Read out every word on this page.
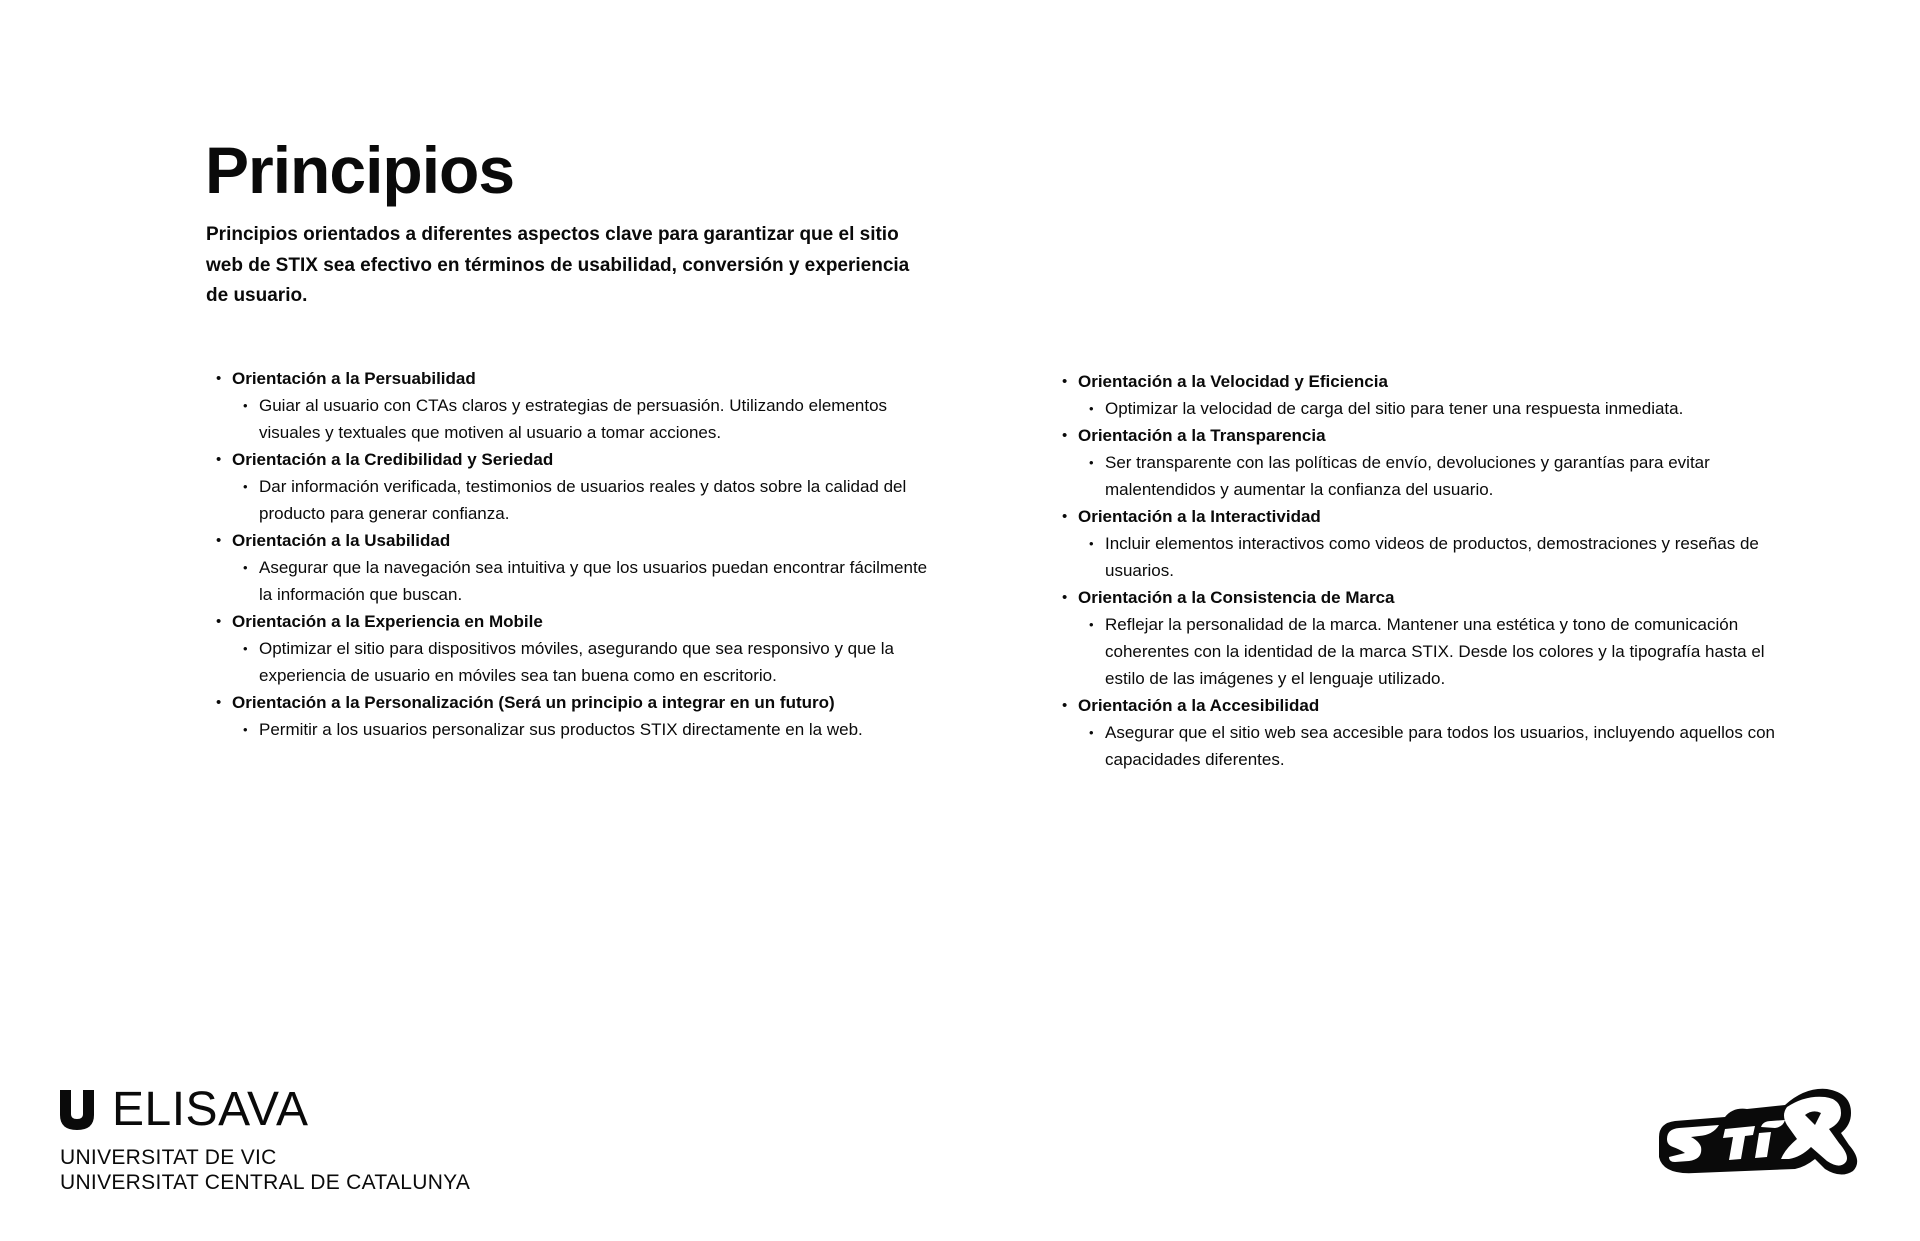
Principios

Principios orientados a diferentes aspectos clave para garantizar que el sitio web de STIX sea efectivo en términos de usabilidad, conversión y experiencia de usuario.

• Orientación a la Persuabilidad
• Guiar al usuario con CTAs claros y estrategias de persuasión. Utilizando elementos visuales y textuales que motiven al usuario a tomar acciones.
• Orientación a la Credibilidad y Seriedad
• Dar información verificada, testimonios de usuarios reales y datos sobre la calidad del producto para generar confianza.
• Orientación a la Usabilidad
• Asegurar que la navegación sea intuitiva y que los usuarios puedan encontrar fácilmente la información que buscan.
• Orientación a la Experiencia en Mobile
• Optimizar el sitio para dispositivos móviles, asegurando que sea responsivo y que la experiencia de usuario en móviles sea tan buena como en escritorio.
• Orientación a la Personalización (Será un principio a integrar en un futuro)
• Permitir a los usuarios personalizar sus productos STIX directamente en la web.
• Orientación a la Velocidad y Eficiencia
• Optimizar la velocidad de carga del sitio para tener una respuesta inmediata.
• Orientación a la Transparencia
• Ser transparente con las políticas de envío, devoluciones y garantías para evitar malentendidos y aumentar la confianza del usuario.
• Orientación a la Interactividad
• Incluir elementos interactivos como videos de productos, demostraciones y reseñas de usuarios.
• Orientación a la Consistencia de Marca
• Reflejar la personalidad de la marca. Mantener una estética y tono de comunicación coherentes con la identidad de la marca STIX. Desde los colores y la tipografía hasta el estilo de las imágenes y el lenguaje utilizado.
• Orientación a la Accesibilidad
• Asegurar que el sitio web sea accesible para todos los usuarios, incluyendo aquellos con capacidades diferentes.
ELISAVA
UNIVERSITAT DE VIC
UNIVERSITAT CENTRAL DE CATALUNYA
